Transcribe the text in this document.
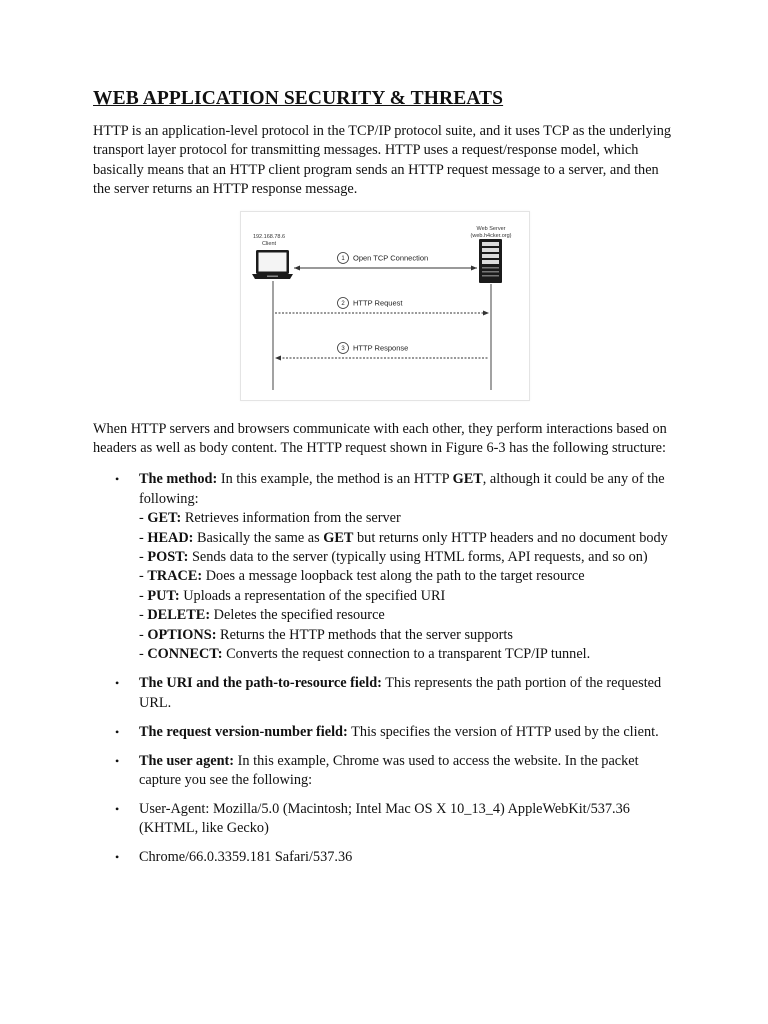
WEB APPLICATION SECURITY & THREATS

HTTP is an application-level protocol in the TCP/IP protocol suite, and it uses TCP as the underlying transport layer protocol for transmitting messages. HTTP uses a request/response model, which basically means that an HTTP client program sends an HTTP request message to a server, and then the server returns an HTTP response message.

192.168.78.6
Client
Web Server
(web.h4cker.org)
1 Open TCP Connection
2 HTTP Request
3 HTTP Response

When HTTP servers and browsers communicate with each other, they perform interactions based on headers as well as body content. The HTTP request shown in Figure 6-3 has the following structure:

• The method: In this example, the method is an HTTP GET, although it could be any of the following:
- GET: Retrieves information from the server
- HEAD: Basically the same as GET but returns only HTTP headers and no document body
- POST: Sends data to the server (typically using HTML forms, API requests, and so on)
- TRACE: Does a message loopback test along the path to the target resource
- PUT: Uploads a representation of the specified URI
- DELETE: Deletes the specified resource
- OPTIONS: Returns the HTTP methods that the server supports
- CONNECT: Converts the request connection to a transparent TCP/IP tunnel.
• The URI and the path-to-resource field: This represents the path portion of the requested URL.
• The request version-number field: This specifies the version of HTTP used by the client.
• The user agent: In this example, Chrome was used to access the website. In the packet capture you see the following:
• User-Agent: Mozilla/5.0 (Macintosh; Intel Mac OS X 10_13_4) AppleWebKit/537.36 (KHTML, like Gecko)
• Chrome/66.0.3359.181 Safari/537.36
